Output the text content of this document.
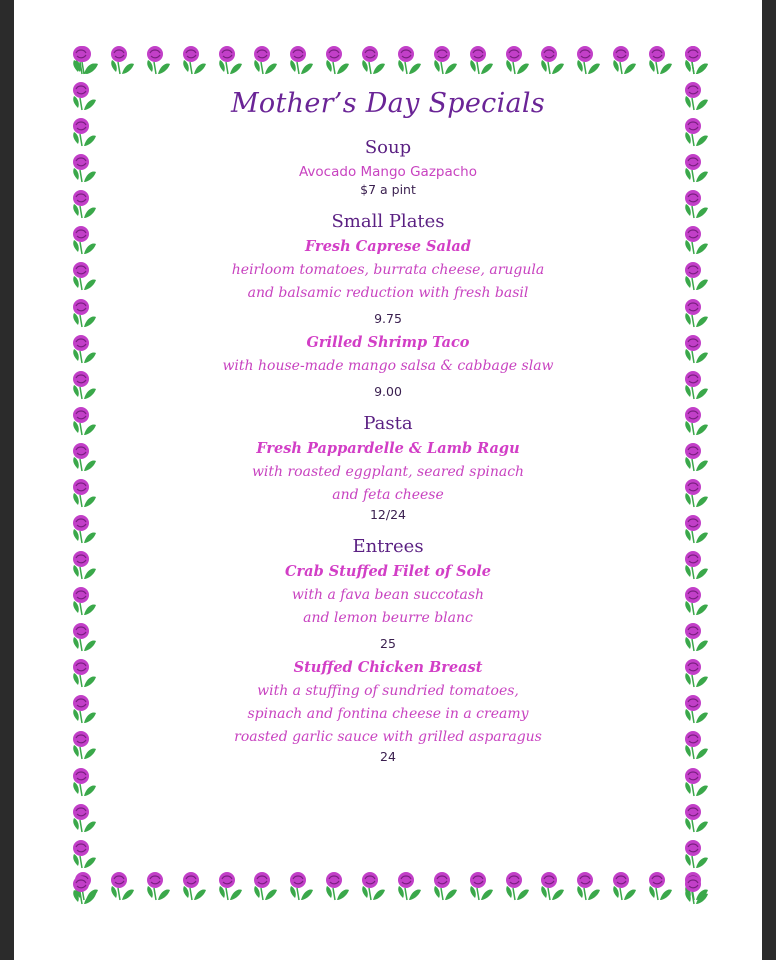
Mother’s Day Specials
Soup
Avocado Mango Gazpacho
$7 a pint
Small Plates
Fresh Caprese Salad
heirloom tomatoes, burrata cheese, arugula
and balsamic reduction with fresh basil
9.75
Grilled Shrimp Taco
with house-made mango salsa & cabbage slaw
9.00
Pasta
Fresh Pappardelle & Lamb Ragu
with roasted eggplant, seared spinach
and feta cheese
12/24
Entrees
Crab Stuffed Filet of Sole
with a fava bean succotash
and lemon beurre blanc
25
Stuffed Chicken Breast
with a stuffing of sundried tomatoes,
spinach and fontina cheese in a creamy
roasted garlic sauce with grilled asparagus
24
